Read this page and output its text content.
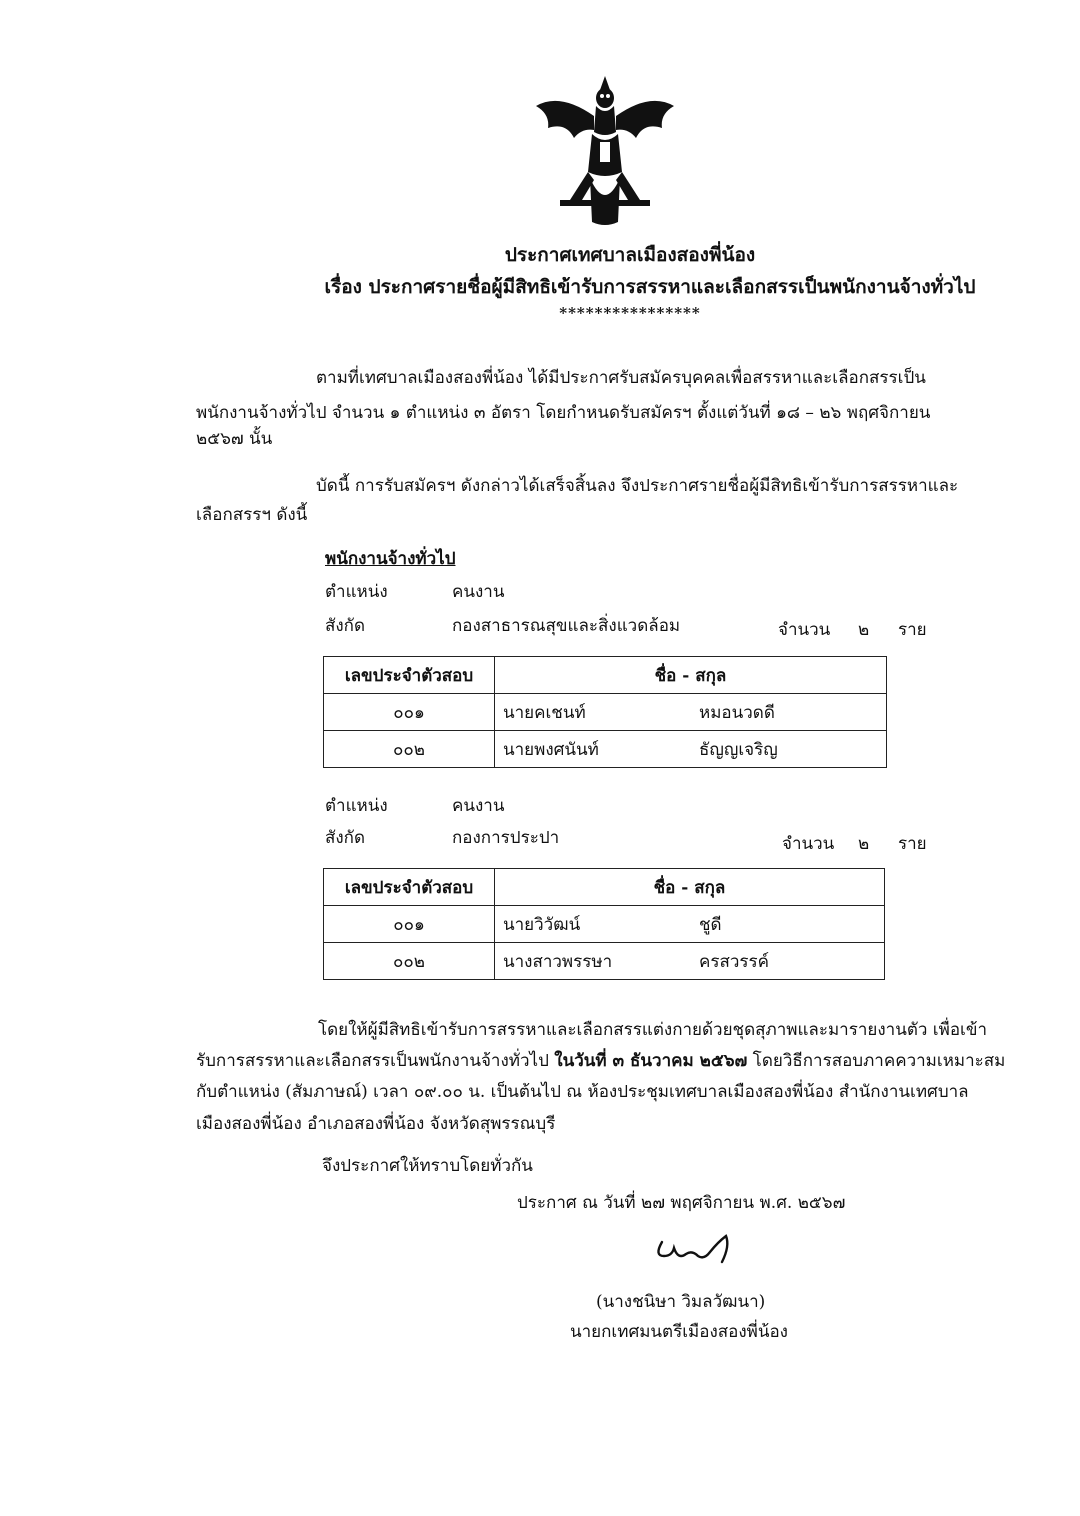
ประกาศเทศบาลเมืองสองพี่น้อง
เรื่อง ประกาศรายชื่อผู้มีสิทธิเข้ารับการสรรหาและเลือกสรรเป็นพนักงานจ้างทั่วไป
****************
ตามที่เทศบาลเมืองสองพี่น้อง ได้มีประกาศรับสมัครบุคคลเพื่อสรรหาและเลือกสรรเป็น
พนักงานจ้างทั่วไป จำนวน ๑ ตำแหน่ง ๓ อัตรา โดยกำหนดรับสมัครฯ ตั้งแต่วันที่ ๑๘ – ๒๖ พฤศจิกายน
๒๕๖๗ นั้น
บัดนี้ การรับสมัครฯ ดังกล่าวได้เสร็จสิ้นลง จึงประกาศรายชื่อผู้มีสิทธิเข้ารับการสรรหาและ
เลือกสรรฯ ดังนี้
พนักงานจ้างทั่วไป
ตำแหน่ง	คนงาน
สังกัด	กองสาธารณสุขและสิ่งแวดล้อม	จำนวน ๒ ราย
เลขประจำตัวสอบ	ชื่อ - สกุล	
๐๐๑	นายคเชนท์	หมอนวดดี
๐๐๒	นายพงศนันท์	ธัญญเจริญ
ตำแหน่ง	คนงาน
สังกัด	กองการประปา	จำนวน ๒ ราย
เลขประจำตัวสอบ	ชื่อ - สกุล	
๐๐๑	นายวิวัฒน์	ชูดี
๐๐๒	นางสาวพรรษา	ครสวรรค์
โดยให้ผู้มีสิทธิเข้ารับการสรรหาและเลือกสรรแต่งกายด้วยชุดสุภาพและมารายงานตัว เพื่อเข้า
รับการสรรหาและเลือกสรรเป็นพนักงานจ้างทั่วไป ในวันที่ ๓ ธันวาคม ๒๕๖๗ โดยวิธีการสอบภาคความเหมาะสม
กับตำแหน่ง (สัมภาษณ์) เวลา ๐๙.๐๐ น. เป็นต้นไป ณ ห้องประชุมเทศบาลเมืองสองพี่น้อง สำนักงานเทศบาล
เมืองสองพี่น้อง อำเภอสองพี่น้อง จังหวัดสุพรรณบุรี
จึงประกาศให้ทราบโดยทั่วกัน
ประกาศ ณ วันที่ ๒๗ พฤศจิกายน พ.ศ. ๒๕๖๗
(นางชนิษา วิมลวัฒนา)
นายกเทศมนตรีเมืองสองพี่น้อง
